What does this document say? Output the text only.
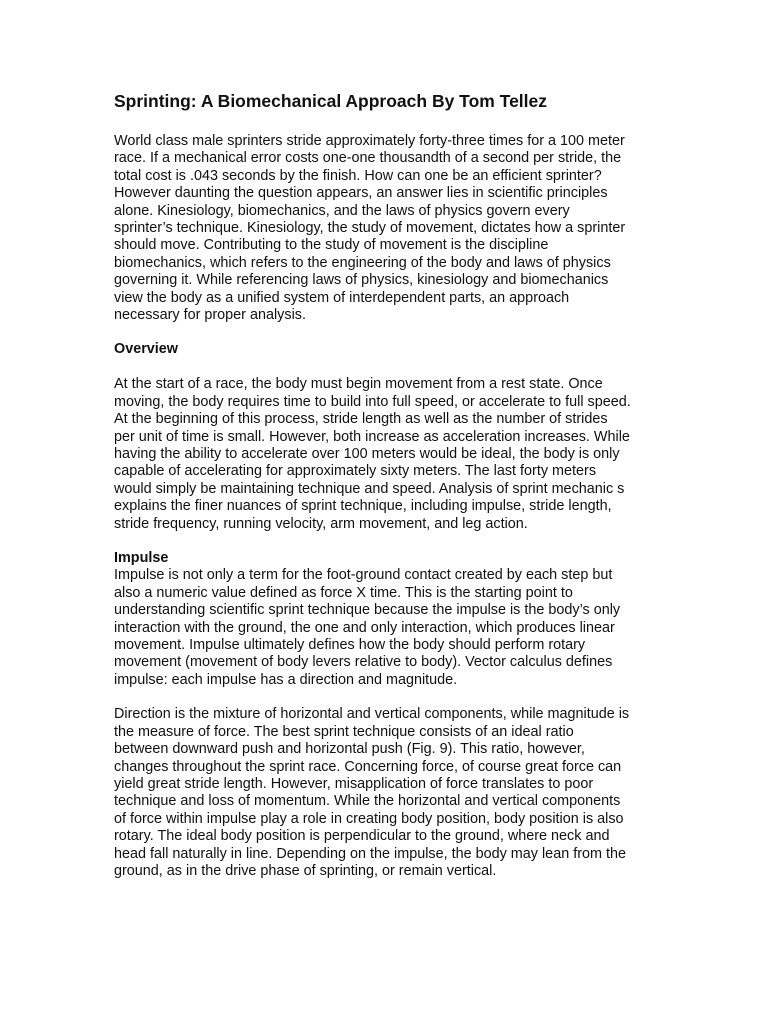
Sprinting: A Biomechanical Approach By Tom Tellez
World class male sprinters stride approximately forty-three times for a 100 meter
race. If a mechanical error costs one-one thousandth of a second per stride, the
total cost is .043 seconds by the finish. How can one be an efficient sprinter?
However daunting the question appears, an answer lies in scientific principles
alone. Kinesiology, biomechanics, and the laws of physics govern every
sprinter’s technique. Kinesiology, the study of movement, dictates how a sprinter
should move. Contributing to the study of movement is the discipline
biomechanics, which refers to the engineering of the body and laws of physics
governing it. While referencing laws of physics, kinesiology and biomechanics
view the body as a unified system of interdependent parts, an approach
necessary for proper analysis.
Overview
At the start of a race, the body must begin movement from a rest state. Once
moving, the body requires time to build into full speed, or accelerate to full speed.
At the beginning of this process, stride length as well as the number of strides
per unit of time is small. However, both increase as acceleration increases. While
having the ability to accelerate over 100 meters would be ideal, the body is only
capable of accelerating for approximately sixty meters. The last forty meters
would simply be maintaining technique and speed. Analysis of sprint mechanic s
explains the finer nuances of sprint technique, including impulse, stride length,
stride frequency, running velocity, arm movement, and leg action.
Impulse
Impulse is not only a term for the foot-ground contact created by each step but
also a numeric value defined as force X time. This is the starting point to
understanding scientific sprint technique because the impulse is the body’s only
interaction with the ground, the one and only interaction, which produces linear
movement. Impulse ultimately defines how the body should perform rotary
movement (movement of body levers relative to body). Vector calculus defines
impulse: each impulse has a direction and magnitude.
Direction is the mixture of horizontal and vertical components, while magnitude is
the measure of force. The best sprint technique consists of an ideal ratio
between downward push and horizontal push (Fig. 9). This ratio, however,
changes throughout the sprint race. Concerning force, of course great force can
yield great stride length. However, misapplication of force translates to poor
technique and loss of momentum. While the horizontal and vertical components
of force within impulse play a role in creating body position, body position is also
rotary. The ideal body position is perpendicular to the ground, where neck and
head fall naturally in line. Depending on the impulse, the body may lean from the
ground, as in the drive phase of sprinting, or remain vertical.
